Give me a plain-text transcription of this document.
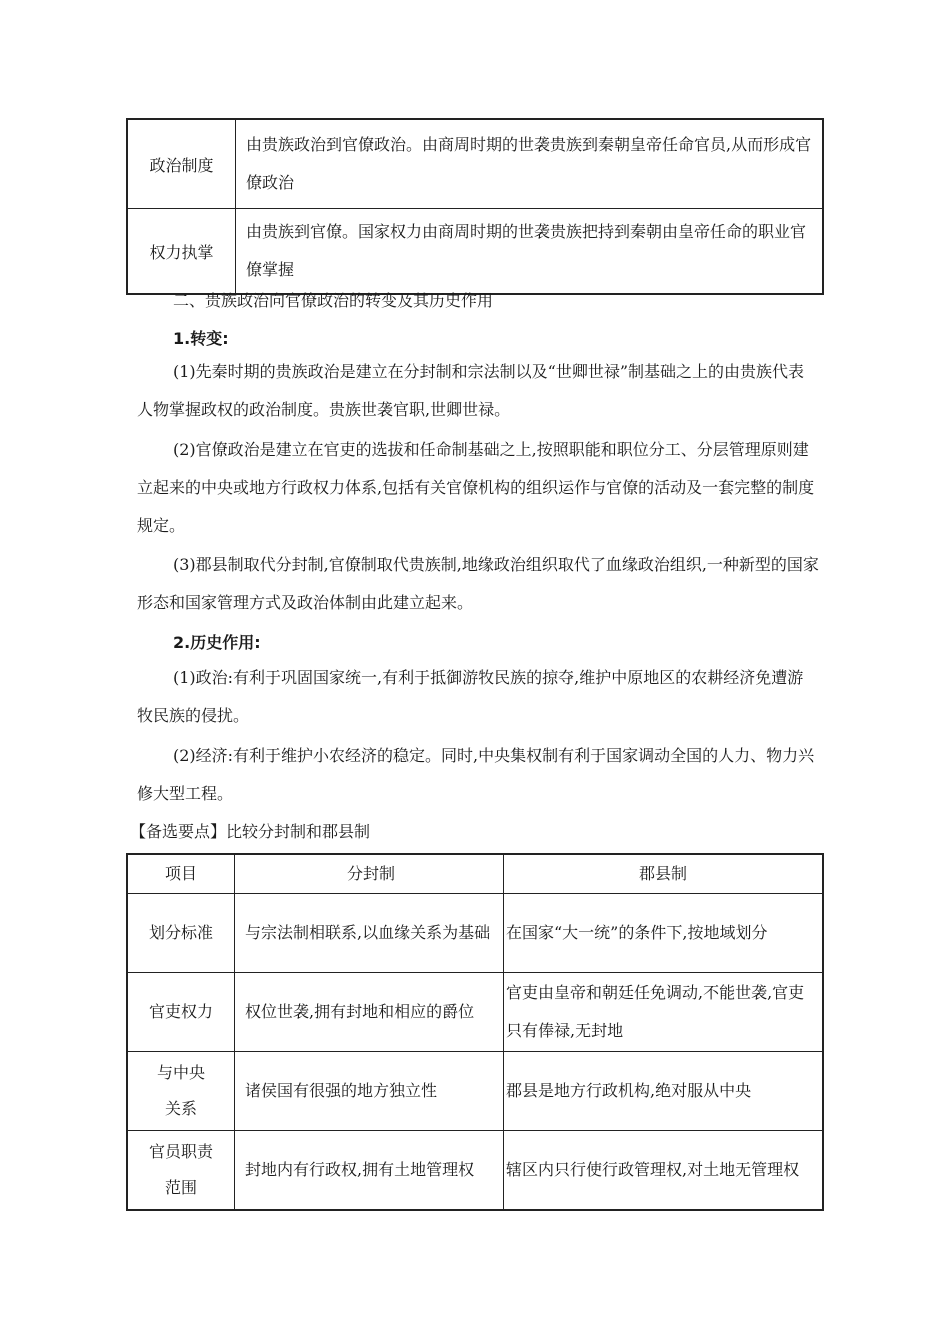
政治制度	由贵族政治到官僚政治。由商周时期的世袭贵族到秦朝皇帝任命官员,从而形成官僚政治
权力执掌	由贵族到官僚。国家权力由商周时期的世袭贵族把持到秦朝由皇帝任命的职业官僚掌握

二、贵族政治向官僚政治的转变及其历史作用

1.转变:

(1)先秦时期的贵族政治是建立在分封制和宗法制以及“世卿世禄”制基础之上的由贵族代表人物掌握政权的政治制度。贵族世袭官职,世卿世禄。

(2)官僚政治是建立在官吏的选拔和任命制基础之上,按照职能和职位分工、分层管理原则建立起来的中央或地方行政权力体系,包括有关官僚机构的组织运作与官僚的活动及一套完整的制度规定。

(3)郡县制取代分封制,官僚制取代贵族制,地缘政治组织取代了血缘政治组织,一种新型的国家形态和国家管理方式及政治体制由此建立起来。

2.历史作用:

(1)政治:有利于巩固国家统一,有利于抵御游牧民族的掠夺,维护中原地区的农耕经济免遭游牧民族的侵扰。

(2)经济:有利于维护小农经济的稳定。同时,中央集权制有利于国家调动全国的人力、物力兴修大型工程。

【备选要点】比较分封制和郡县制

项目	分封制	郡县制
划分标准	与宗法制相联系,以血缘关系为基础	在国家“大一统”的条件下,按地域划分
官吏权力	权位世袭,拥有封地和相应的爵位	官吏由皇帝和朝廷任免调动,不能世袭,官吏只有俸禄,无封地
与中央关系	诸侯国有很强的地方独立性	郡县是地方行政机构,绝对服从中央
官员职责范围	封地内有行政权,拥有土地管理权	辖区内只行使行政管理权,对土地无管理权
